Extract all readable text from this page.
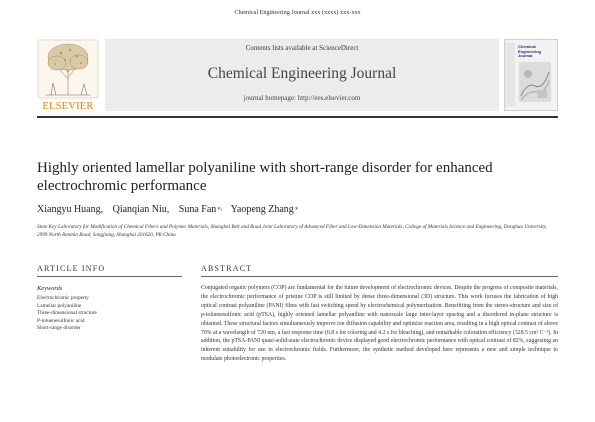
Chemical Engineering Journal xxx (xxxx) xxx-xxx
ELSEVIER
Contents lists available at ScienceDirect
Chemical Engineering Journal
journal homepage: http://ees.elsevier.com
Chemical
Engineering
Journal
Highly oriented lamellar polyaniline with short-range disorder for enhanced electrochromic performance
Xiangyu Huang, Qianqian Niu, Suna Fan⁎, Yaopeng Zhang⁎
State Key Laboratory for Modification of Chemical Fibers and Polymer Materials, Shanghai Belt and Road Joint Laboratory of Advanced Fiber and Low-Dimension Materials, College of Materials Science and Engineering, Donghua University, 2999 North Renmin Road, Songjiang, Shanghai 201620, PR China
ARTICLE INFO	ABSTRACT
Keywords
Electrochromic property
Lamellar polyaniline
Three-dimensional structure
P-toluenesulfonic acid
Short-range disorder
Conjugated organic polymers (COP) are fundamental for the future development of electrochromic devices. Despite the progress of composite materials, the electrochromic performance of pristine COP is still limited by dense three-dimensional (3D) structure. This work focuses the fabrication of high optical contrast polyaniline (PANI) films with fast switching speed by electrochemical polymerization. Benefitting from the stereo-structure and size of p-toluenesulfonic acid (pTSA), highly oriented lamellar polyaniline with nanoscale large inter-layer spacing and a disordered in-plane structure is obtained. These structural factors simultaneously improve ion diffusion capability and optimize reaction area, resulting in a high optical contrast of above 70% at a wavelength of 720 nm, a fast response time (0.8 s for coloring and 4.2 s for bleaching), and remarkable coloration efficiency (328.5 cm² C⁻¹). In addition, the pTSA-PANI quasi-solid-state electrochromic device displayed good electrochromic performance with optical contrast of 82%, suggesting an inherent suitability for use in electrochromic fields. Furthermore, the synthetic method developed here represents a new and simple technique to modulate photoelectronic properties.
